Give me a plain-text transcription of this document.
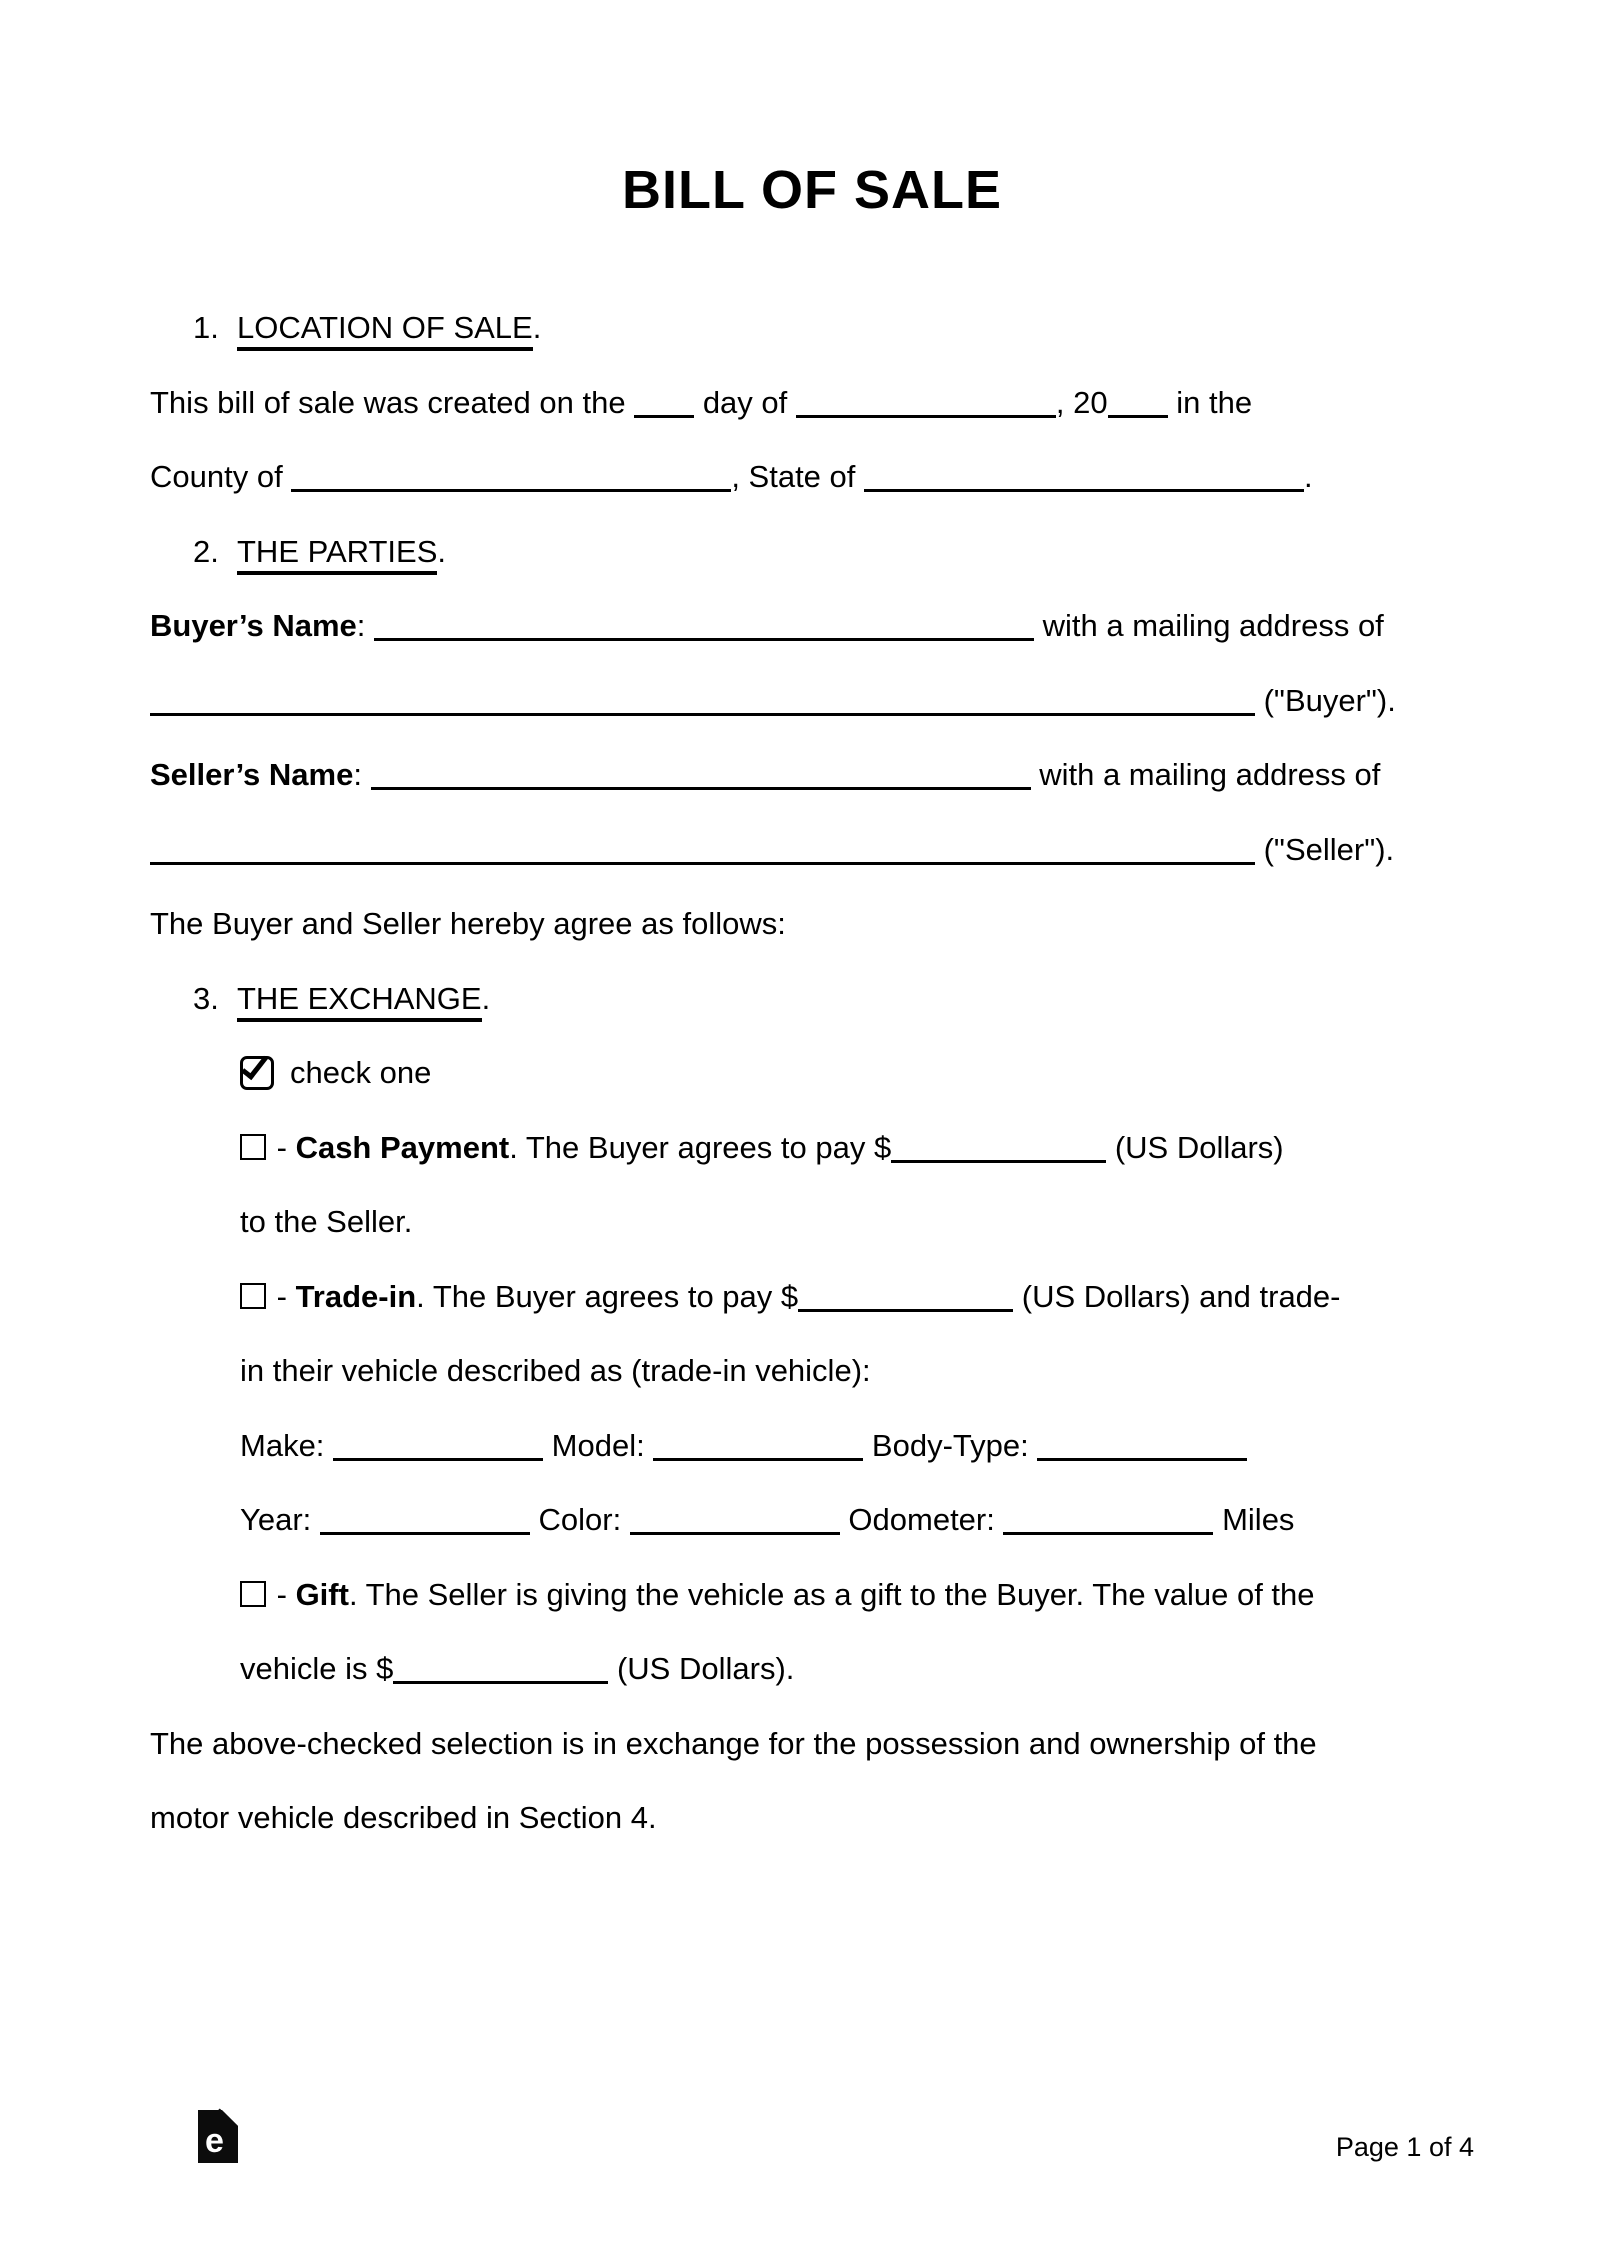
BILL OF SALE

1. LOCATION OF SALE.

This bill of sale was created on the  day of	, 20 in the

County of	, State of	.

2. THE PARTIES.

Buyer’s Name:	with a mailing address of

("Buyer").

Seller’s Name:	with a mailing address of

("Seller").

The Buyer and Seller hereby agree as follows:

3. THE EXCHANGE.

check one

- Cash Payment. The Buyer agrees to pay $	(US Dollars)

to the Seller.

- Trade-in. The Buyer agrees to pay $	(US Dollars) and trade-

in their vehicle described as (trade-in vehicle):

Make:	Model:	Body-Type:

Year:	Color:	Odometer:	Miles

- Gift. The Seller is giving the vehicle as a gift to the Buyer. The value of the

vehicle is $	(US Dollars).

The above-checked selection is in exchange for the possession and ownership of the

motor vehicle described in Section 4.

e	Page 1 of 4
